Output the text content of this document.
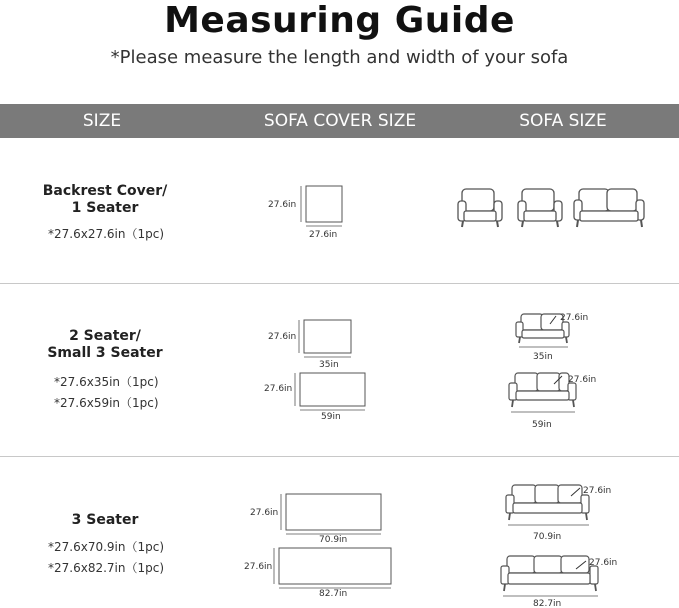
Measuring Guide
*Please measure the length and width of your sofa
SIZE	SOFA COVER SIZE	SOFA SIZE
Backrest Cover/
1 Seater
*27.6x27.6in（1pc)
2 Seater/
Small 3 Seater
*27.6x35in（1pc)
*27.6x59in（1pc)
3 Seater
*27.6x70.9in（1pc)
*27.6x82.7in（1pc)
27.6in
27.6in
27.6in
35in
27.6in
59in
27.6in
35in
27.6in
59in
27.6in
70.9in
27.6in
82.7in
27.6in
70.9in
27.6in
82.7in
